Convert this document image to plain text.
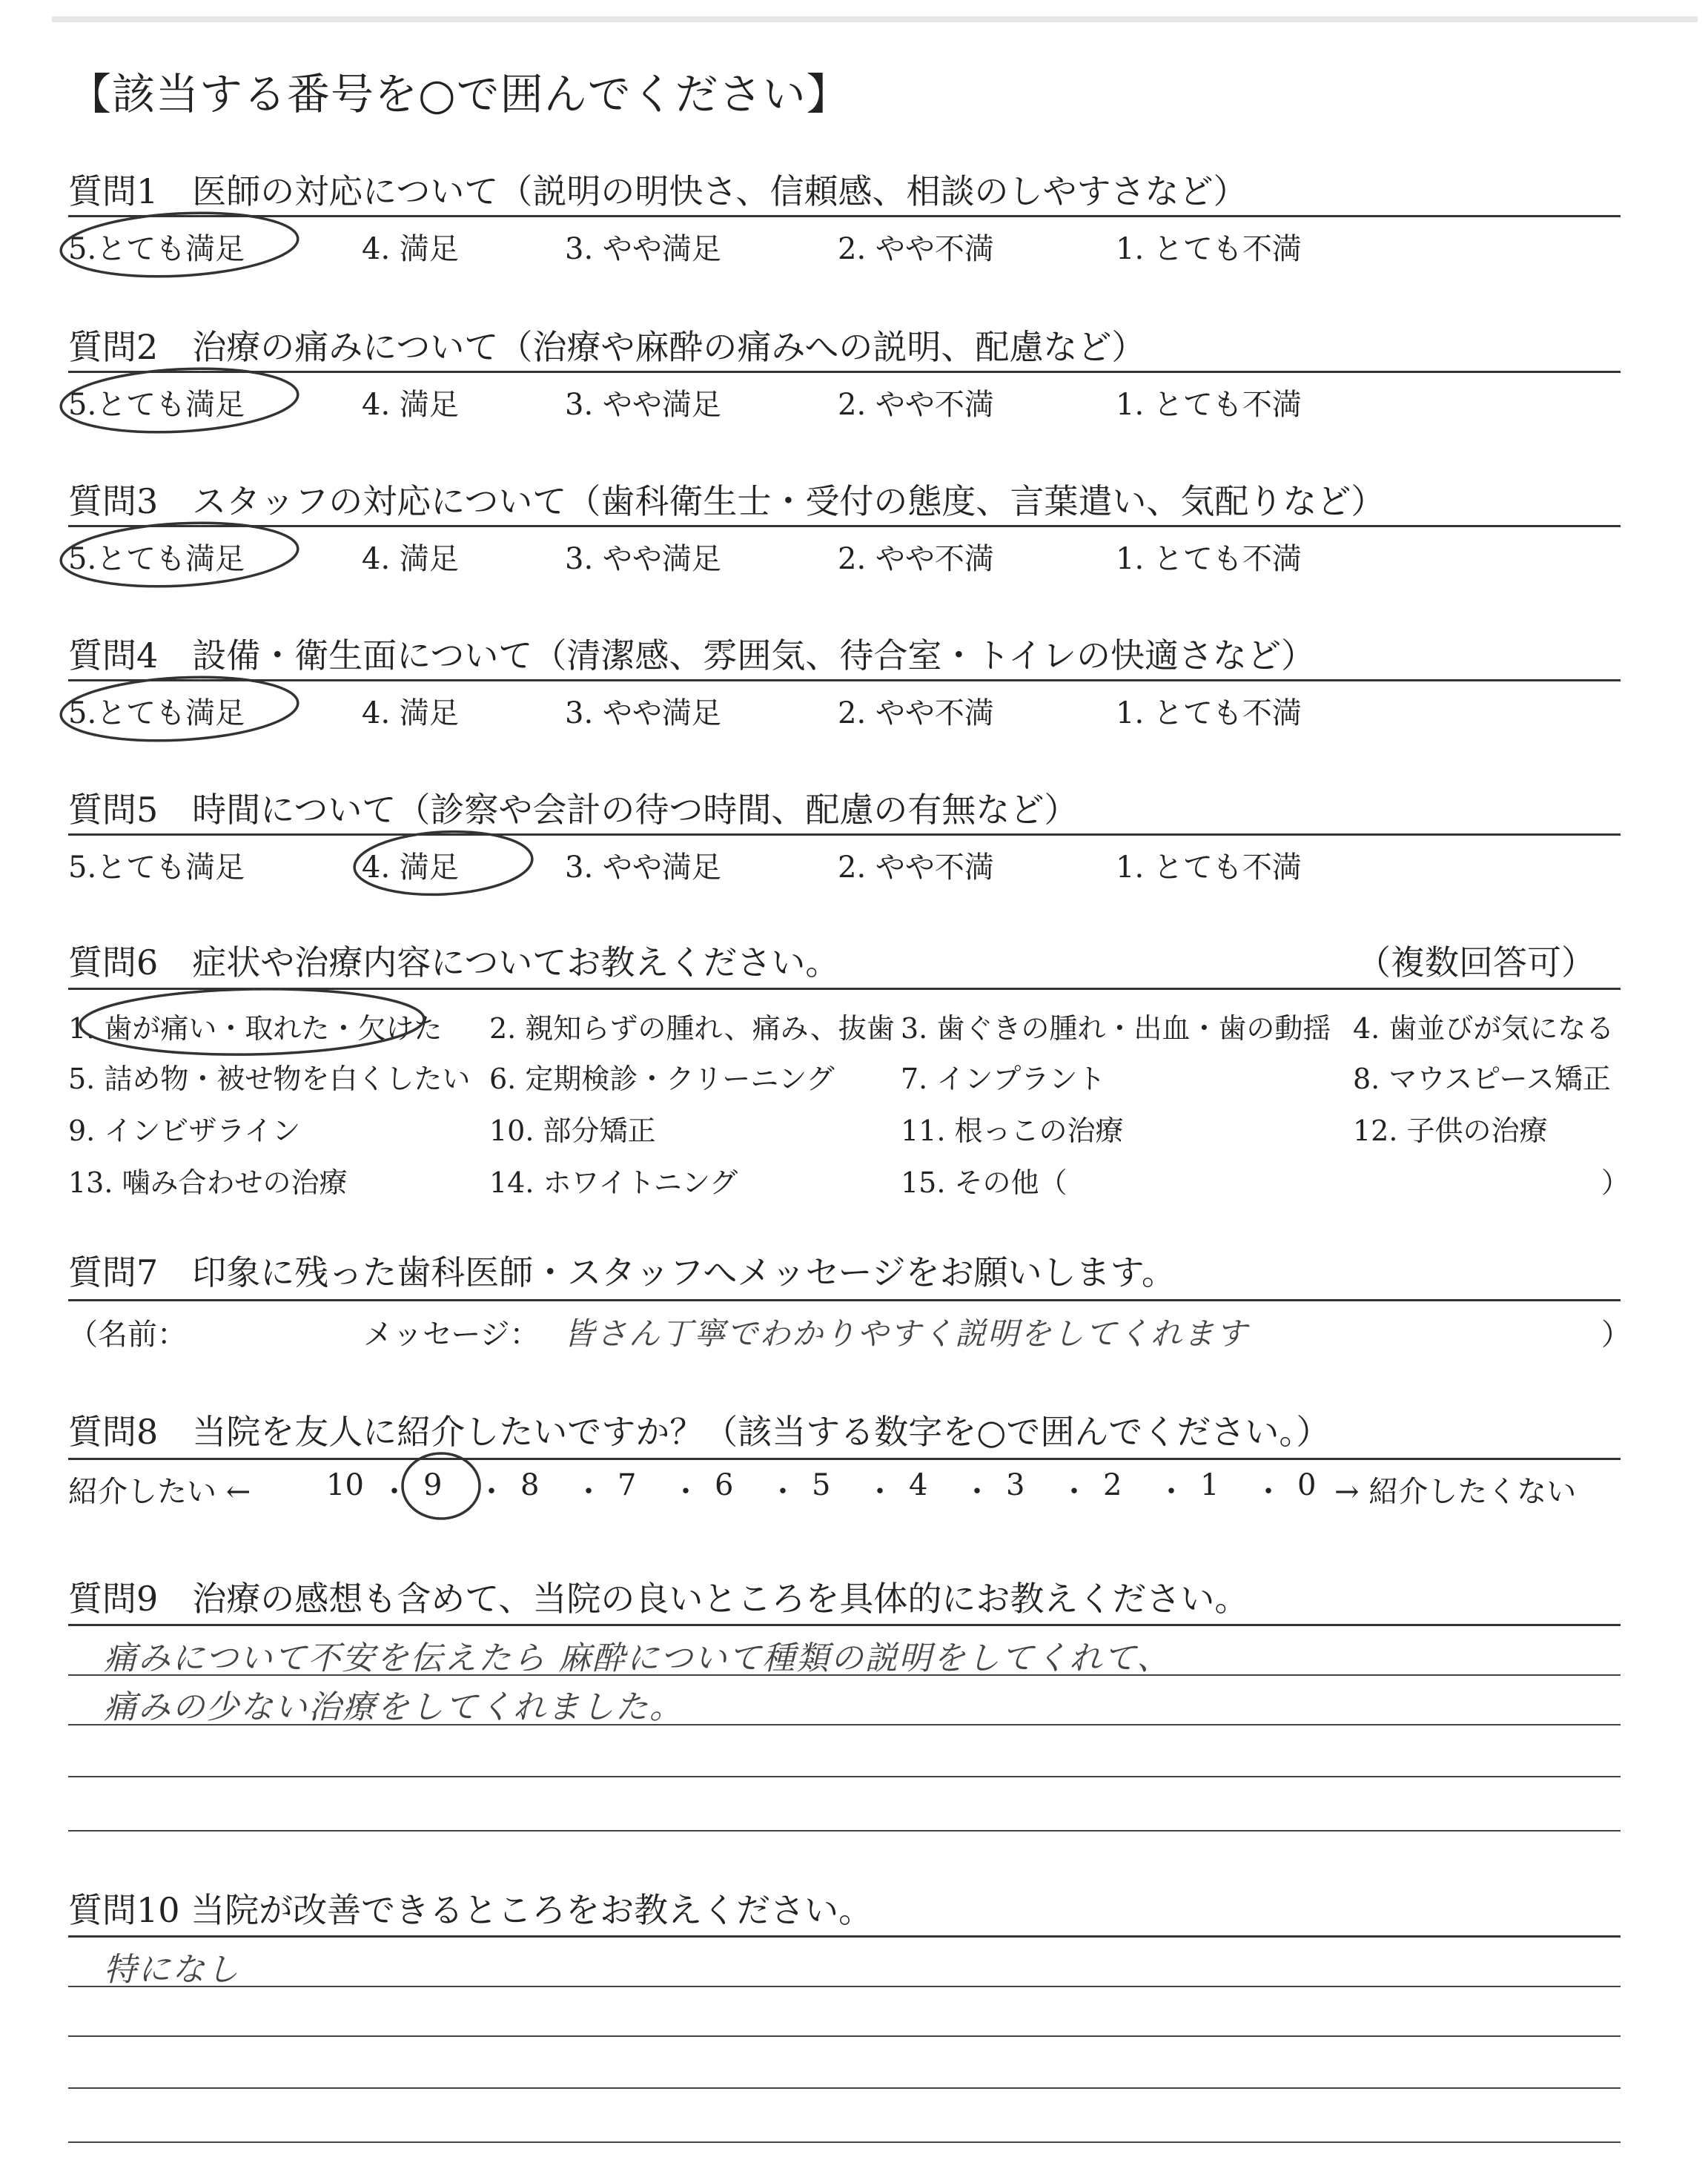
【該当する番号を○で囲んでください】
質問1　医師の対応について（説明の明快さ、信頼感、相談のしやすさなど）
5.とても満足	4. 満足	3. やや満足	2. やや不満	1. とても不満
質問2　治療の痛みについて（治療や麻酔の痛みへの説明、配慮など）
5.とても満足	4. 満足	3. やや満足	2. やや不満	1. とても不満
質問3　スタッフの対応について（歯科衛生士・受付の態度、言葉遣い、気配りなど）
5.とても満足	4. 満足	3. やや満足	2. やや不満	1. とても不満
質問4　設備・衛生面について（清潔感、雰囲気、待合室・トイレの快適さなど）
5.とても満足	4. 満足	3. やや満足	2. やや不満	1. とても不満
質問5　時間について（診察や会計の待つ時間、配慮の有無など）
5.とても満足	4. 満足	3. やや満足	2. やや不満	1. とても不満
質問6　症状や治療内容についてお教えください。	（複数回答可）
1. 歯が痛い・取れた・欠けた 2. 親知らずの腫れ、痛み、抜歯 3. 歯ぐきの腫れ・出血・歯の動揺 4. 歯並びが気になる
5. 詰め物・被せ物を白くしたい 6. 定期検診・クリーニング 7. インプラント	8. マウスピース矯正
9. インビザライン	10. 部分矯正	11. 根っこの治療	12. 子供の治療
13. 噛み合わせの治療	14. ホワイトニング	15. その他（	）
質問7　印象に残った歯科医師・スタッフへメッセージをお願いします。
（名前：	メッセージ： 皆さん丁寧でわかりやすく説明をしてくれます	）
質問8　当院を友人に紹介したいですか？（該当する数字を○で囲んでください。）
紹介したい ←	10 ・ 9 ・ 8 ・ 7 ・ 6 ・ 5 ・ 4 ・ 3 ・ 2 ・ 1 ・ 0 → 紹介したくない
質問9　治療の感想も含めて、当院の良いところを具体的にお教えください。
痛みについて不安を伝えたら 麻酔について種類の説明をしてくれて、
痛みの少ない治療をしてくれました。
質問10 当院が改善できるところをお教えください。
特になし
